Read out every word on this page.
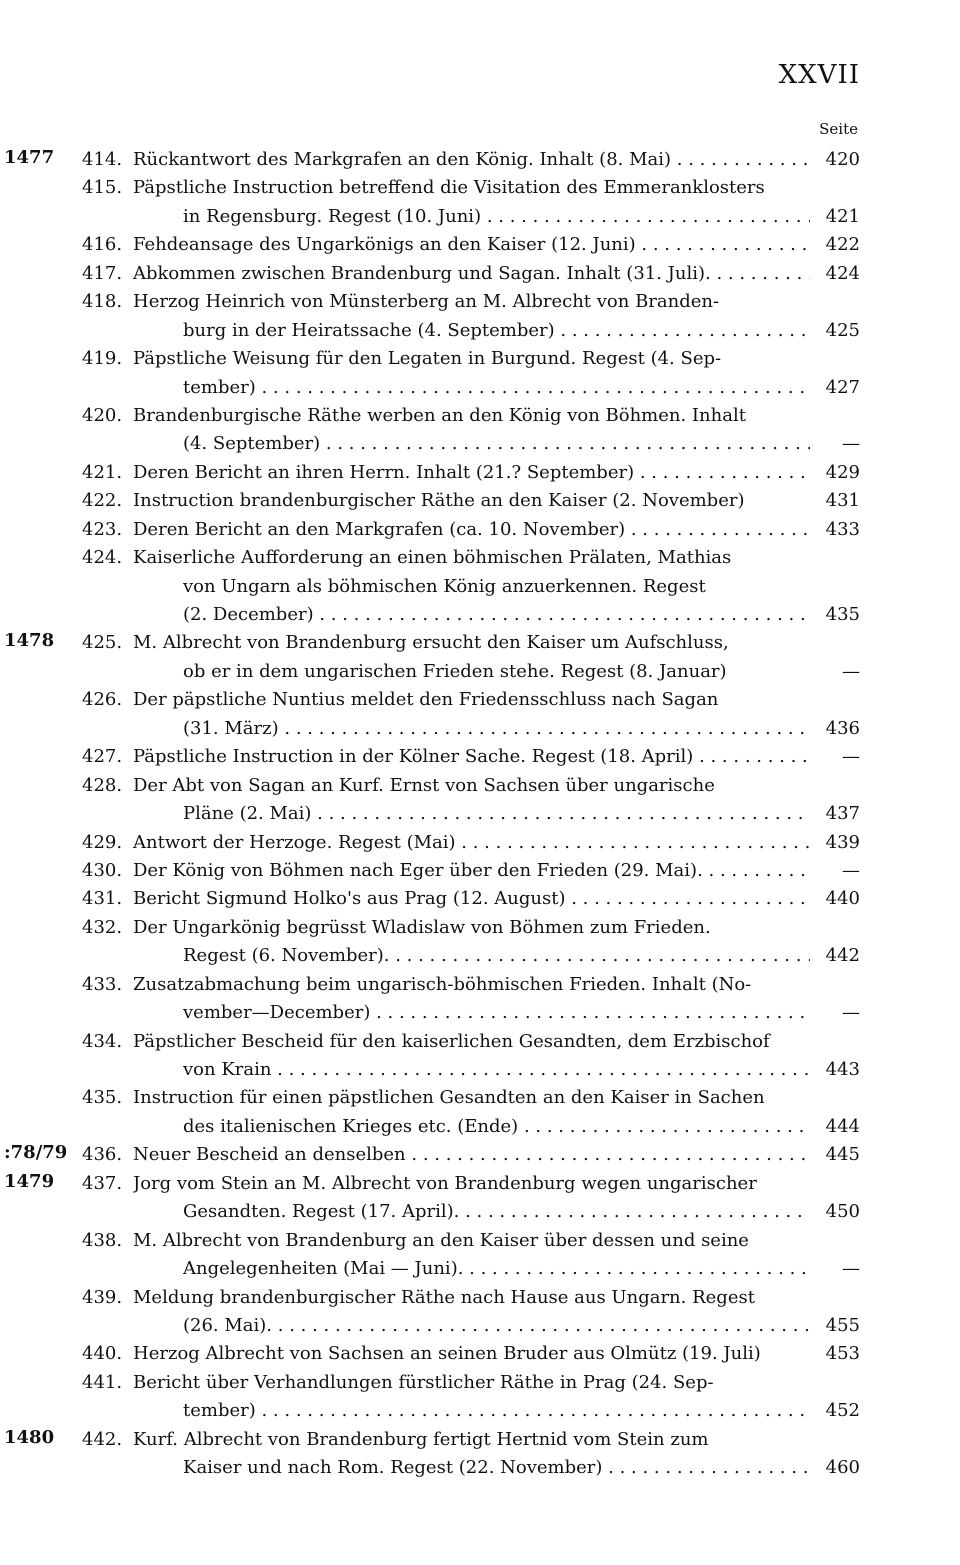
XXVII
Seite
1477 414. Rückantwort des Markgrafen an den König. Inhalt (8. Mai) . . .	420
415. Päpstliche Instruction betreffend die Visitation des Emmeranklosters
in Regensburg. Regest (10. Juni) . . .	421
416. Fehdeansage des Ungarkönigs an den Kaiser (12. Juni) . . .	422
417. Abkommen zwischen Brandenburg und Sagan. Inhalt (31. Juli). . . .	424
418. Herzog Heinrich von Münsterberg an M. Albrecht von Branden-
burg in der Heiratssache (4. September) . . .	425
419. Päpstliche Weisung für den Legaten in Burgund. Regest (4. Sep-
tember) . . .	427
420. Brandenburgische Räthe werben an den König von Böhmen. Inhalt
(4. September) . . .	—
421. Deren Bericht an ihren Herrn. Inhalt (21.? September) . . .	429
422. Instruction brandenburgischer Räthe an den Kaiser (2. November)	431
423. Deren Bericht an den Markgrafen (ca. 10. November) . . .	433
424. Kaiserliche Aufforderung an einen böhmischen Prälaten, Mathias
von Ungarn als böhmischen König anzuerkennen. Regest
(2. December) . . .	435
1478 425. M. Albrecht von Brandenburg ersucht den Kaiser um Aufschluss,
ob er in dem ungarischen Frieden stehe. Regest (8. Januar)	—
426. Der päpstliche Nuntius meldet den Friedensschluss nach Sagan
(31. März) . . .	436
427. Päpstliche Instruction in der Kölner Sache. Regest (18. April) . . .	—
428. Der Abt von Sagan an Kurf. Ernst von Sachsen über ungarische
Pläne (2. Mai) . . .	437
429. Antwort der Herzoge. Regest (Mai) . . .	439
430. Der König von Böhmen nach Eger über den Frieden (29. Mai). . . .	—
431. Bericht Sigmund Holko's aus Prag (12. August) . . .	440
432. Der Ungarkönig begrüsst Wladislaw von Böhmen zum Frieden.
Regest (6. November). . . .	442
433. Zusatzabmachung beim ungarisch-böhmischen Frieden. Inhalt (No-
vember—December) . . .	—
434. Päpstlicher Bescheid für den kaiserlichen Gesandten, dem Erzbischof
von Krain . . .	443
435. Instruction für einen päpstlichen Gesandten an den Kaiser in Sachen
des italienischen Krieges etc. (Ende) . . .	444
:78/79 436. Neuer Bescheid an denselben . . .	445
1479 437. Jorg vom Stein an M. Albrecht von Brandenburg wegen ungarischer
Gesandten. Regest (17. April). . . .	450
438. M. Albrecht von Brandenburg an den Kaiser über dessen und seine
Angelegenheiten (Mai — Juni). . . .	—
439. Meldung brandenburgischer Räthe nach Hause aus Ungarn. Regest
(26. Mai). . . .	455
440. Herzog Albrecht von Sachsen an seinen Bruder aus Olmütz (19. Juli)	453
441. Bericht über Verhandlungen fürstlicher Räthe in Prag (24. Sep-
tember) . . .	452
1480 442. Kurf. Albrecht von Brandenburg fertigt Hertnid vom Stein zum
Kaiser und nach Rom. Regest (22. November) . . .	460
